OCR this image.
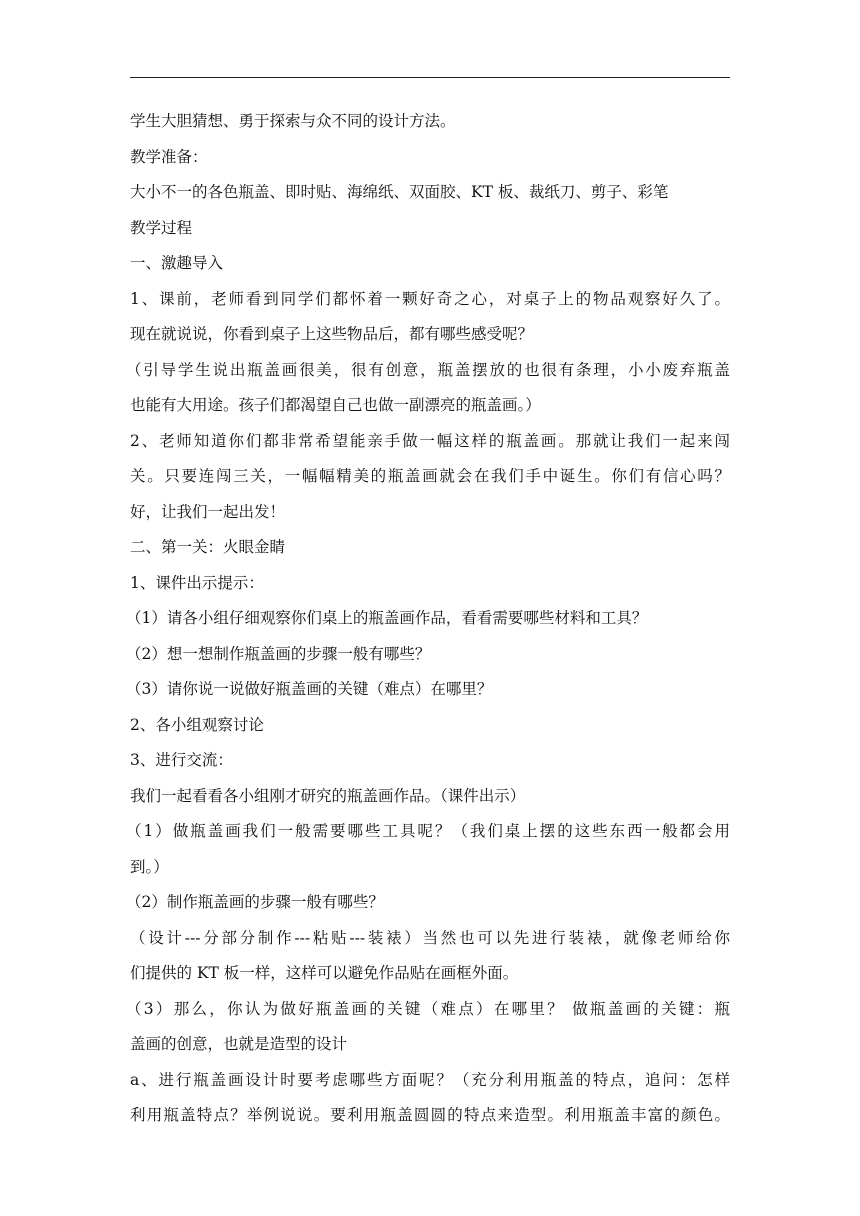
学生大胆猜想、勇于探索与众不同的设计方法。
教学准备：
大小不一的各色瓶盖、即时贴、海绵纸、双面胶、KT 板、裁纸刀、剪子、彩笔
教学过程
一、激趣导入
1、课前，老师看到同学们都怀着一颗好奇之心，对桌子上的物品观察好久了。
现在就说说，你看到桌子上这些物品后，都有哪些感受呢？
（引导学生说出瓶盖画很美，很有创意，瓶盖摆放的也很有条理，小小废弃瓶盖
也能有大用途。孩子们都渴望自己也做一副漂亮的瓶盖画。）
2、老师知道你们都非常希望能亲手做一幅这样的瓶盖画。那就让我们一起来闯
关。只要连闯三关，一幅幅精美的瓶盖画就会在我们手中诞生。你们有信心吗？
好，让我们一起出发！
二、第一关：火眼金睛
1、课件出示提示：
（1）请各小组仔细观察你们桌上的瓶盖画作品，看看需要哪些材料和工具？
（2）想一想制作瓶盖画的步骤一般有哪些？
（3）请你说一说做好瓶盖画的关键（难点）在哪里？
2、各小组观察讨论
3、进行交流：
我们一起看看各小组刚才研究的瓶盖画作品。（课件出示）
（1）做瓶盖画我们一般需要哪些工具呢？（我们桌上摆的这些东西一般都会用
到。）
（2）制作瓶盖画的步骤一般有哪些？
（设计---分部分制作---粘贴---装裱）当然也可以先进行装裱，就像老师给你
们提供的 KT 板一样，这样可以避免作品贴在画框外面。
（3）那么，你认为做好瓶盖画的关键（难点）在哪里？ 做瓶盖画的关键：瓶
盖画的创意，也就是造型的设计
a、进行瓶盖画设计时要考虑哪些方面呢？（充分利用瓶盖的特点，追问：怎样
利用瓶盖特点？举例说说。要利用瓶盖圆圆的特点来造型。利用瓶盖丰富的颜色。
